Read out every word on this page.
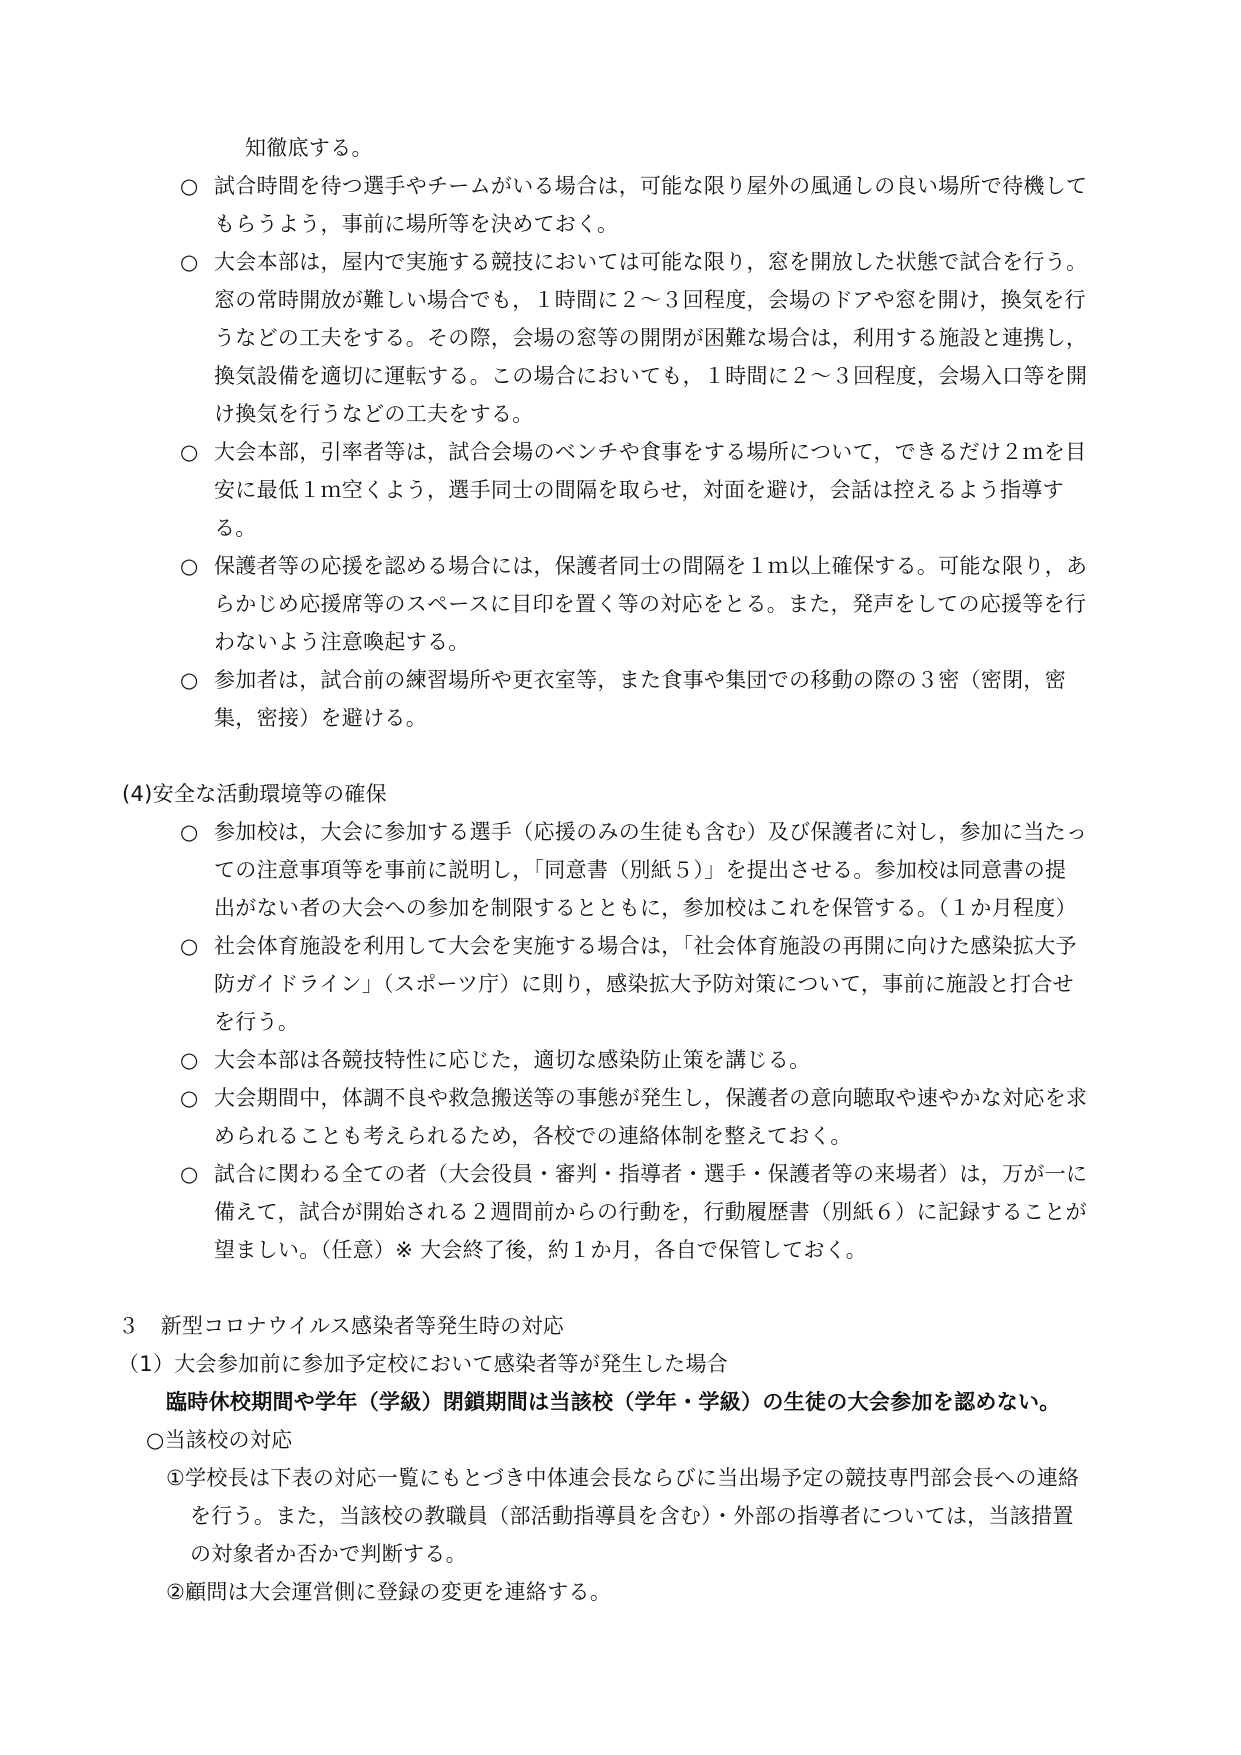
知徹底する。
○ 試合時間を待つ選手やチームがいる場合は，可能な限り屋外の風通しの良い場所で待機して
もらうよう，事前に場所等を決めておく。
○ 大会本部は，屋内で実施する競技においては可能な限り，窓を開放した状態で試合を行う。
窓の常時開放が難しい場合でも，１時間に２～３回程度，会場のドアや窓を開け，換気を行
うなどの工夫をする。その際，会場の窓等の開閉が困難な場合は，利用する施設と連携し，
換気設備を適切に運転する。この場合においても，１時間に２～３回程度，会場入口等を開
け換気を行うなどの工夫をする。
○ 大会本部，引率者等は，試合会場のベンチや食事をする場所について，できるだけ２ｍを目
安に最低１ｍ空くよう，選手同士の間隔を取らせ，対面を避け，会話は控えるよう指導す
る。
○ 保護者等の応援を認める場合には，保護者同士の間隔を１ｍ以上確保する。可能な限り，あ
らかじめ応援席等のスペースに目印を置く等の対応をとる。また，発声をしての応援等を行
わないよう注意喚起する。
○ 参加者は，試合前の練習場所や更衣室等，また食事や集団での移動の際の３密（密閉，密
集，密接）を避ける。
(4)安全な活動環境等の確保
○ 参加校は，大会に参加する選手（応援のみの生徒も含む）及び保護者に対し，参加に当たっ
ての注意事項等を事前に説明し，「同意書（別紙５）」を提出させる。参加校は同意書の提
出がない者の大会への参加を制限するとともに，参加校はこれを保管する。（１か月程度）
○ 社会体育施設を利用して大会を実施する場合は，「社会体育施設の再開に向けた感染拡大予
防ガイドライン」（スポーツ庁）に則り，感染拡大予防対策について，事前に施設と打合せ
を行う。
○ 大会本部は各競技特性に応じた，適切な感染防止策を講じる。
○ 大会期間中，体調不良や救急搬送等の事態が発生し，保護者の意向聴取や速やかな対応を求
められることも考えられるため，各校での連絡体制を整えておく。
○ 試合に関わる全ての者（大会役員・審判・指導者・選手・保護者等の来場者）は，万が一に
備えて，試合が開始される２週間前からの行動を，行動履歴書（別紙６）に記録することが
望ましい。（任意）※ 大会終了後，約１か月，各自で保管しておく。
３　新型コロナウイルス感染者等発生時の対応
（1）大会参加前に参加予定校において感染者等が発生した場合
臨時休校期間や学年（学級）閉鎖期間は当該校（学年・学級）の生徒の大会参加を認めない。
○当該校の対応
①学校長は下表の対応一覧にもとづき中体連会長ならびに当出場予定の競技専門部会長への連絡
を行う。また，当該校の教職員（部活動指導員を含む）・外部の指導者については，当該措置
の対象者か否かで判断する。
②顧問は大会運営側に登録の変更を連絡する。
